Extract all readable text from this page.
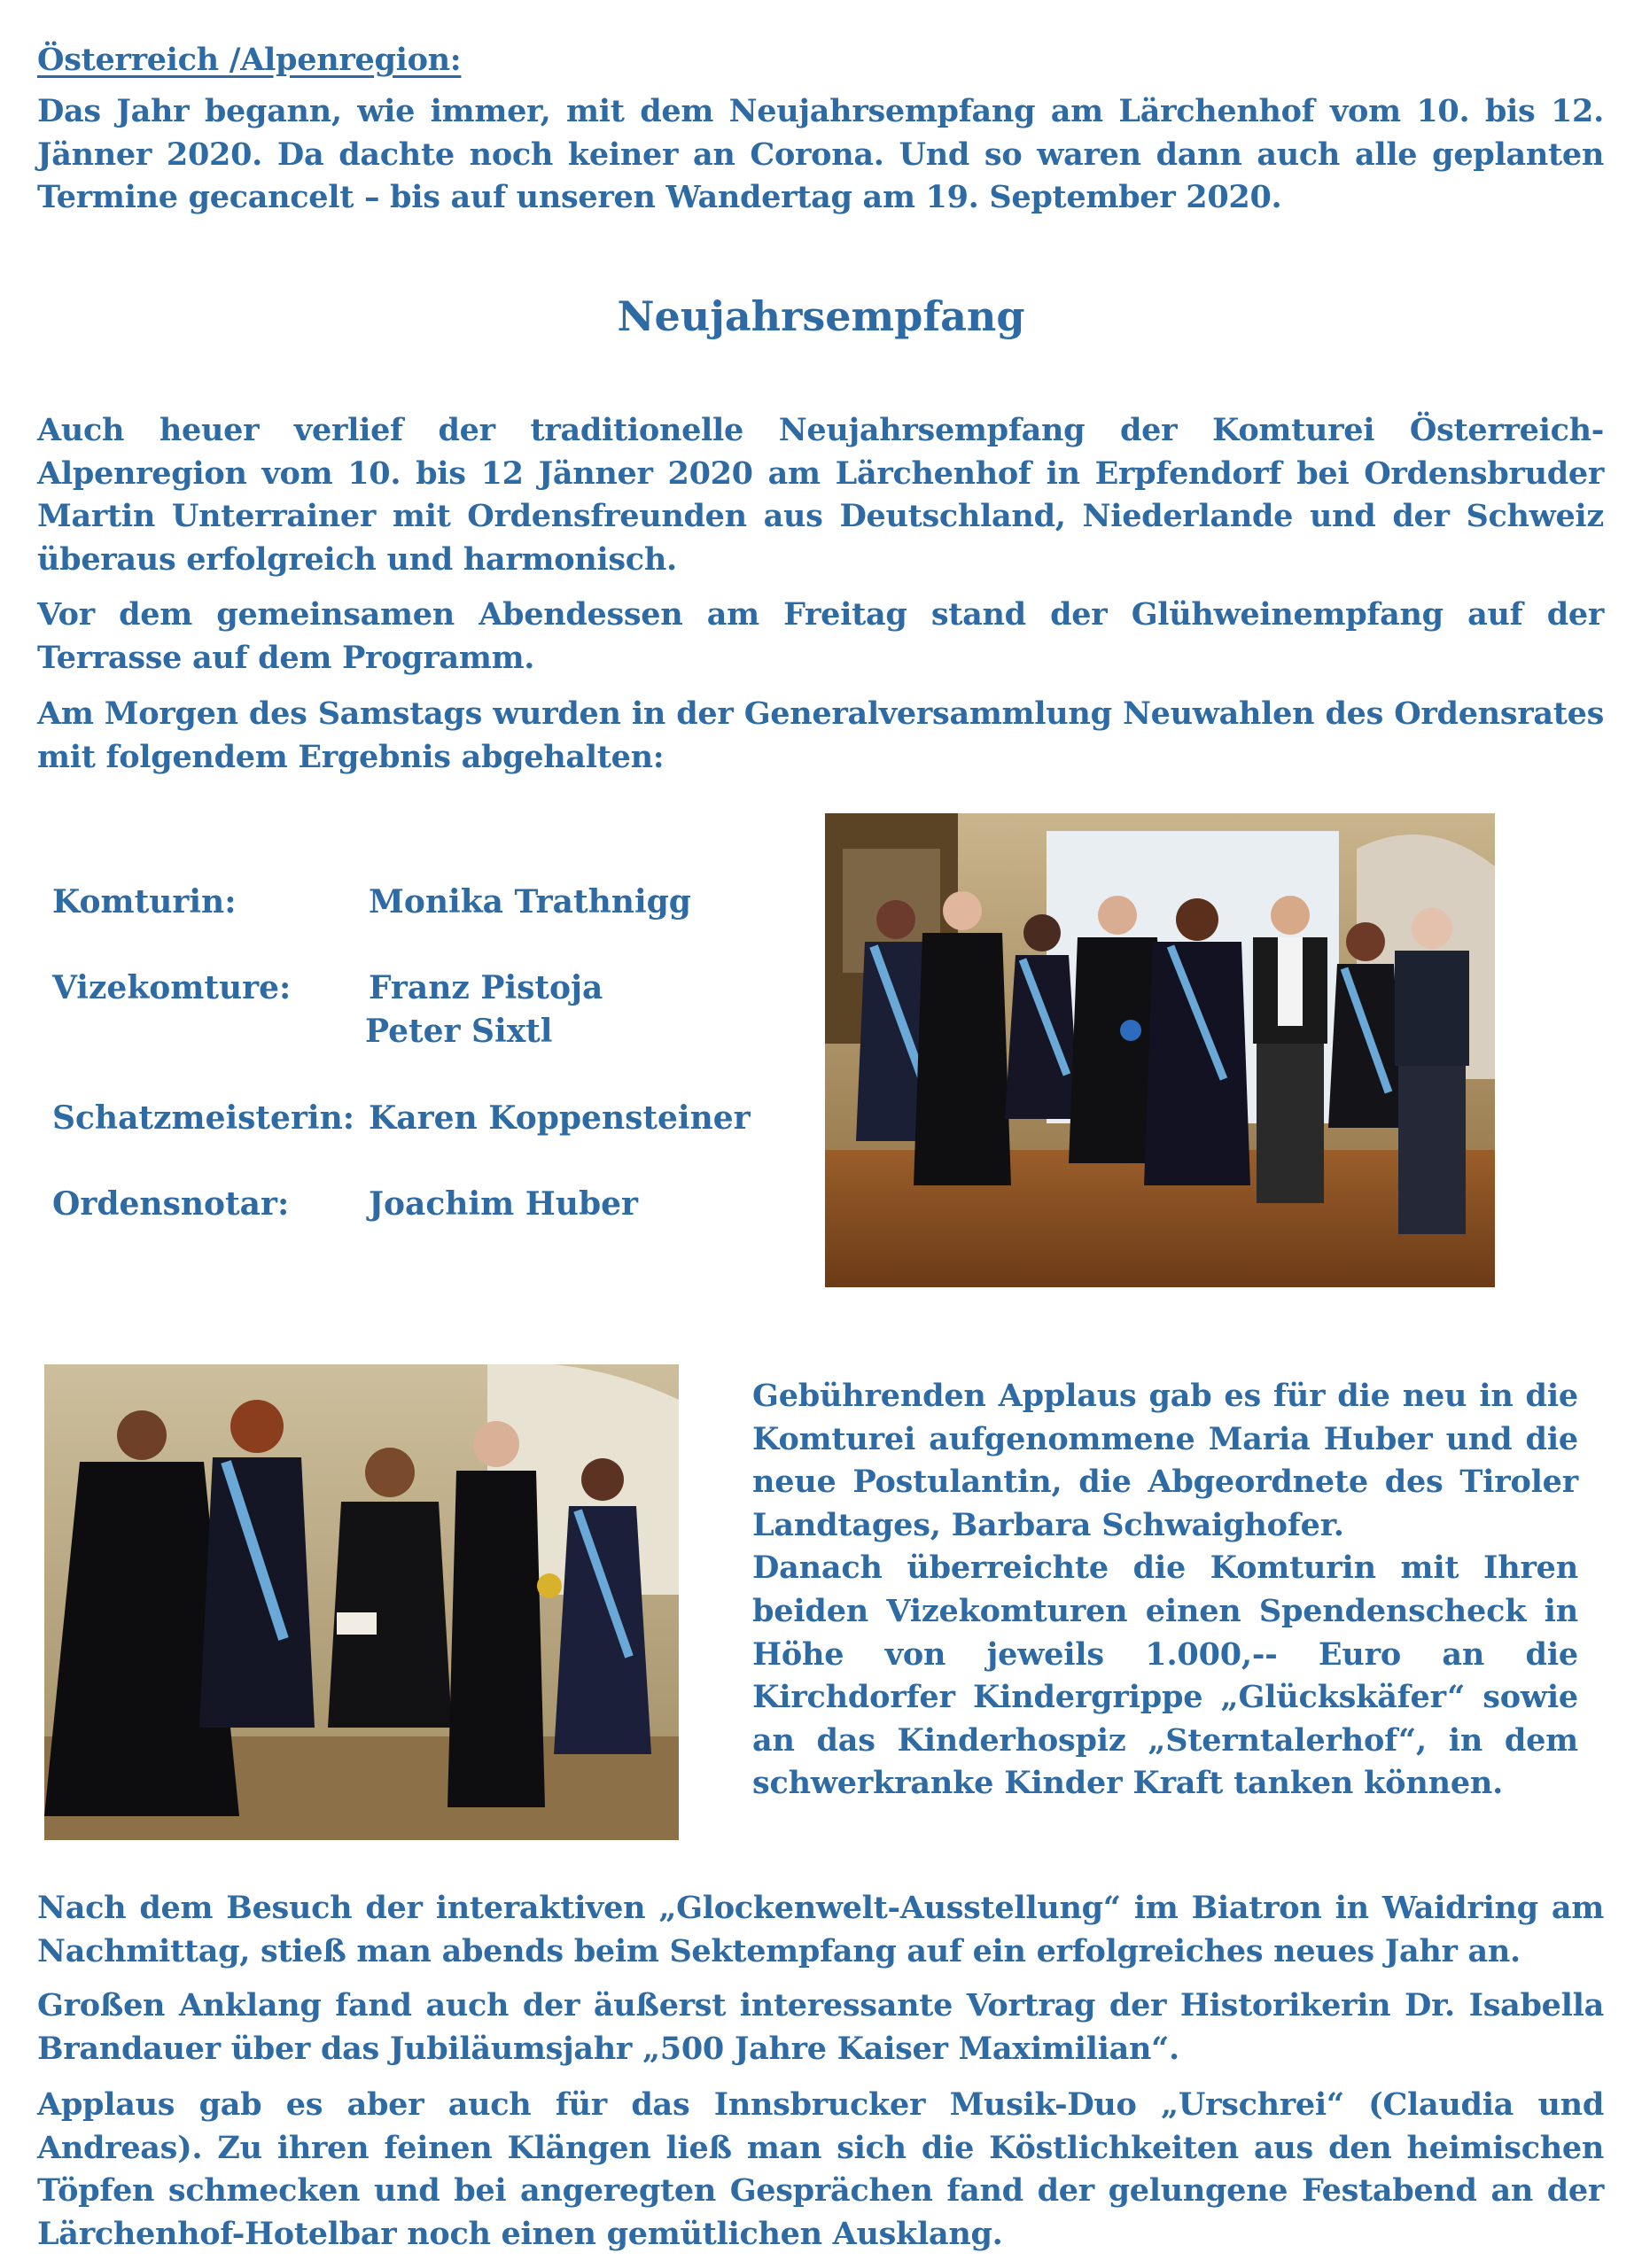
Österreich /Alpenregion:

Das Jahr begann, wie immer, mit dem Neujahrsempfang am Lärchenhof vom 10. bis 12. Jänner 2020. Da dachte noch keiner an Corona. Und so waren dann auch alle geplanten Termine gecancelt – bis auf unseren Wandertag am 19. September 2020.

Neujahrsempfang

Auch heuer verlief der traditionelle Neujahrsempfang der Komturei Österreich-Alpenregion vom 10. bis 12 Jänner 2020 am Lärchenhof in Erpfendorf bei Ordensbruder Martin Unterrainer mit Ordensfreunden aus Deutschland, Niederlande und der Schweiz überaus erfolgreich und harmonisch.

Vor dem gemeinsamen Abendessen am Freitag stand der Glühweinempfang auf der Terrasse auf dem Programm.

Am Morgen des Samstags wurden in der Generalversammlung Neuwahlen des Ordensrates mit folgendem Ergebnis abgehalten:

Komturin:	Monika Trathnigg
Vizekomture: Franz Pistoja
Peter Sixtl
Schatzmeisterin: Karen Koppensteiner
Ordensnotar: Joachim Huber

Gebührenden Applaus gab es für die neu in die Komturei aufgenommene Maria Huber und die neue Postulantin, die Abgeordnete des Tiroler Landtages, Barbara Schwaighofer.
Danach überreichte die Komturin mit Ihren beiden Vizekomturen einen Spendenscheck in Höhe von jeweils 1.000,-- Euro an die Kirchdorfer Kindergrippe „Glückskäfer“ sowie an das Kinderhospiz „Sterntalerhof“, in dem schwerkranke Kinder Kraft tanken können.

Nach dem Besuch der interaktiven „Glockenwelt-Ausstellung“ im Biatron in Waidring am Nachmittag, stieß man abends beim Sektempfang auf ein erfolgreiches neues Jahr an.

Großen Anklang fand auch der äußerst interessante Vortrag der Historikerin Dr. Isabella Brandauer über das Jubiläumsjahr „500 Jahre Kaiser Maximilian“.

Applaus gab es aber auch für das Innsbrucker Musik-Duo „Urschrei“ (Claudia und Andreas). Zu ihren feinen Klängen ließ man sich die Köstlichkeiten aus den heimischen Töpfen schmecken und bei angeregten Gesprächen fand der gelungene Festabend an der Lärchenhof-Hotelbar noch einen gemütlichen Ausklang.
